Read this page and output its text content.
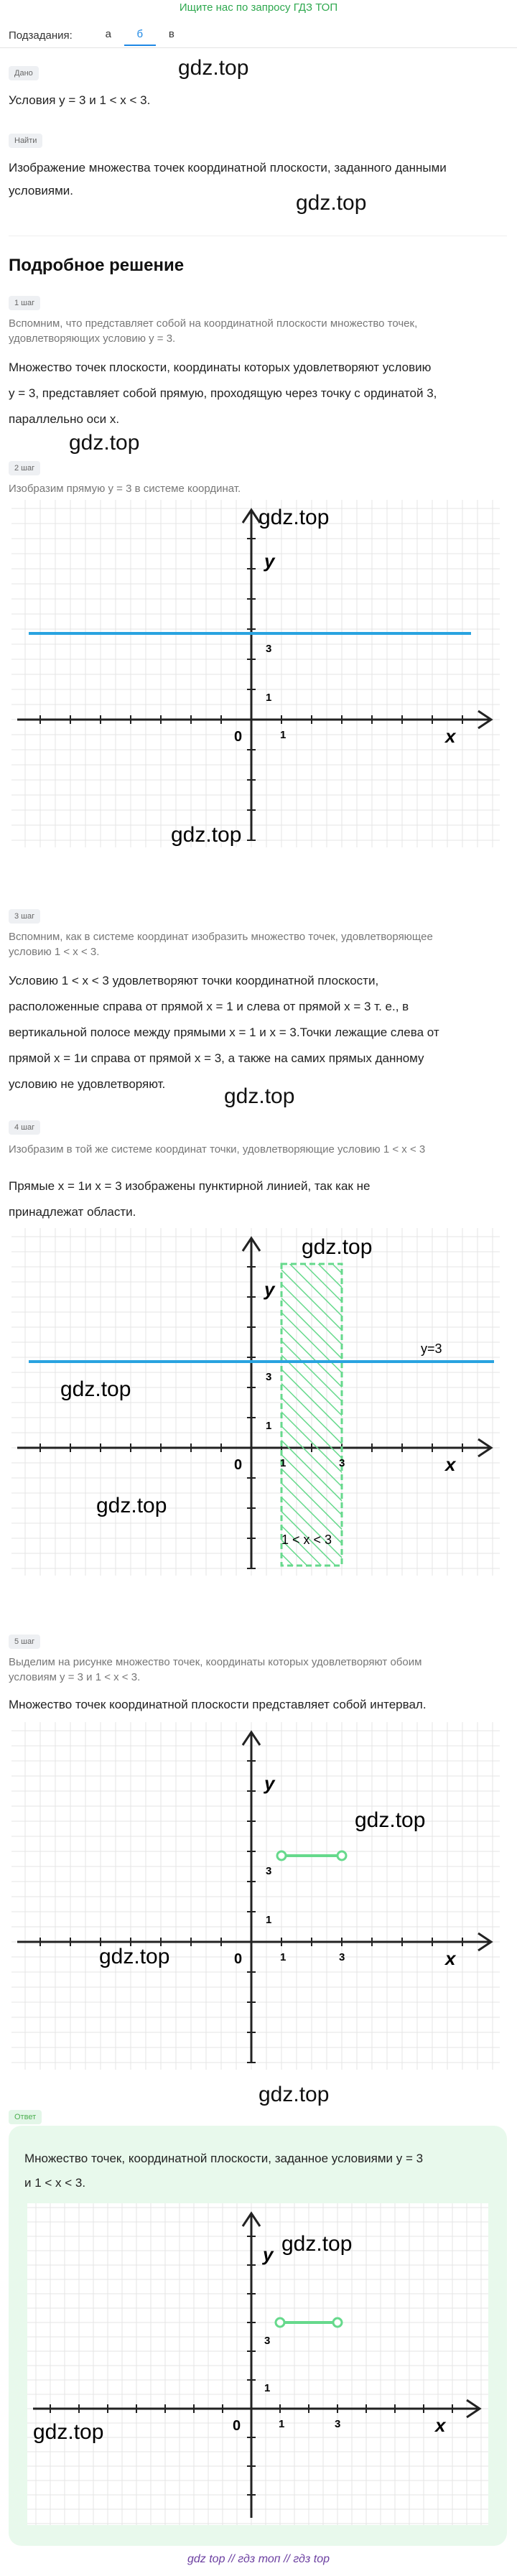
Ищите нас по запросу ГДЗ ТОП
Подзадания:	а	б	в
Дано	gdz.top
Условия y = 3 и 1 < x < 3.
Найти
Изображение множества точек координатной плоскости, заданного данными
условиями.
gdz.top
Подробное решение
1 шаг
Вспомним, что представляет собой на координатной плоскости множество точек,
удовлетворяющих условию y = 3.
Множество точек плоскости, координаты которых удовлетворяют условию
y = 3, представляет собой прямую, проходящую через точку с ординатой 3,
параллельно оси x.
gdz.top
2 шаг
Изобразим прямую y = 3 в системе координат.
y
x
0	1
1
3
gdz.top
gdz.top
3 шаг
Вспомним, как в системе координат изобразить множество точек, удовлетворяющее
условию 1 < x < 3.
Условию 1 < x < 3 удовлетворяют точки координатной плоскости,
расположенные справа от прямой x = 1 и слева от прямой x = 3 т. е., в
вертикальной полосе между прямыми x = 1 и x = 3.Точки лежащие слева от
прямой x = 1и справа от прямой x = 3, а также на самих прямых данному
условию не удовлетворяют.
gdz.top
4 шаг
Изобразим в той же системе координат точки, удовлетворяющие условию 1 < x < 3
Прямые x = 1и x = 3 изображены пунктирной линией, так как не
принадлежат области.
y=3
1 < x < 3
y
x
0	1	3
1
3
gdz.top
gdz.top
gdz.top
5 шаг
Выделим на рисунке множество точек, координаты которых удовлетворяют обоим
условиям y = 3 и 1 < x < 3.
Множество точек координатной плоскости представляет собой интервал.
y
x
0	1	3
1
3
gdz.top
gdz.top
gdz.top
Ответ
Множество точек, координатной плоскости, заданное условиями y = 3
и 1 < x < 3.
y
x
0	1	3
1
3
gdz.top
gdz.top
gdz top // гдз топ // гдз top
